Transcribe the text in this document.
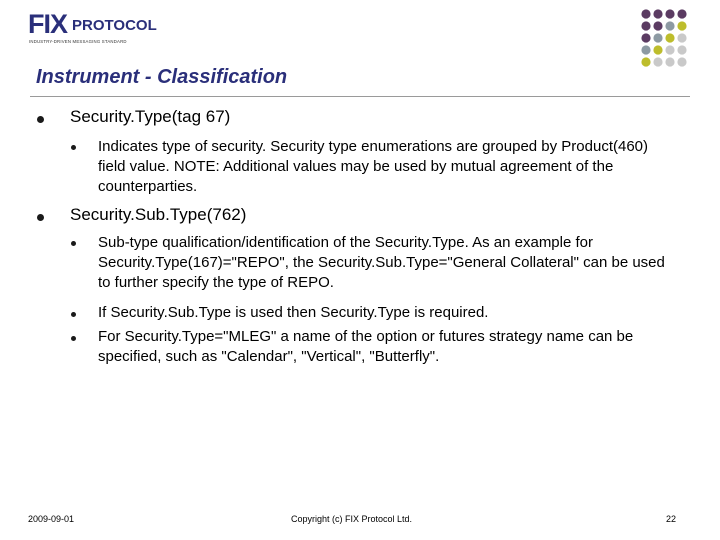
FIX PROTOCOL
INDUSTRY-DRIVEN MESSAGING STANDARD
Instrument - Classification
Security.Type(tag 67)
Indicates type of security. Security type enumerations are grouped by Product(460) field value. NOTE: Additional values may be used by mutual agreement of the counterparties.
Security.Sub.Type(762)
Sub-type qualification/identification of the Security.Type. As an example for Security.Type(167)="REPO", the Security.Sub.Type="General Collateral" can be used to further specify the type of REPO.
If Security.Sub.Type is used then Security.Type is required.
For Security.Type="MLEG" a name of the option or futures strategy name can be specified, such as "Calendar", "Vertical", "Butterfly".
2009-09-01	Copyright (c) FIX Protocol Ltd.	22
